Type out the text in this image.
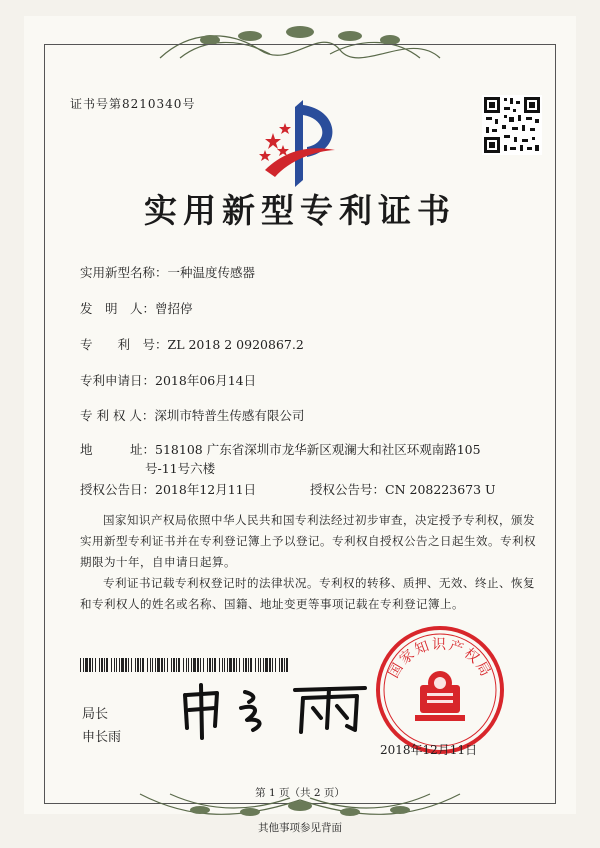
证书号第8210340号
实用新型专利证书
实用新型名称：一种温度传感器
发　明　人：曾招停
专　　利　号：ZL 2018 2 0920867.2
专利申请日：2018年06月14日
专 利 权 人：深圳市特普生传感有限公司
地　　　址：518108 广东省深圳市龙华新区观澜大和社区环观南路105
号-11号六楼
授权公告日：2018年12月11日	授权公告号：CN 208223673 U
国家知识产权局依照中华人民共和国专利法经过初步审查，决定授予专利权，颁发实用新型专利证书并在专利登记簿上予以登记。专利权自授权公告之日起生效。专利权期限为十年，自申请日起算。
专利证书记载专利权登记时的法律状况。专利权的转移、质押、无效、终止、恢复和专利权人的姓名或名称、国籍、地址变更等事项记载在专利登记簿上。
局长
申长雨
国家知识产权局
2018年12月11日
第 1 页（共 2 页）
其他事项参见背面
